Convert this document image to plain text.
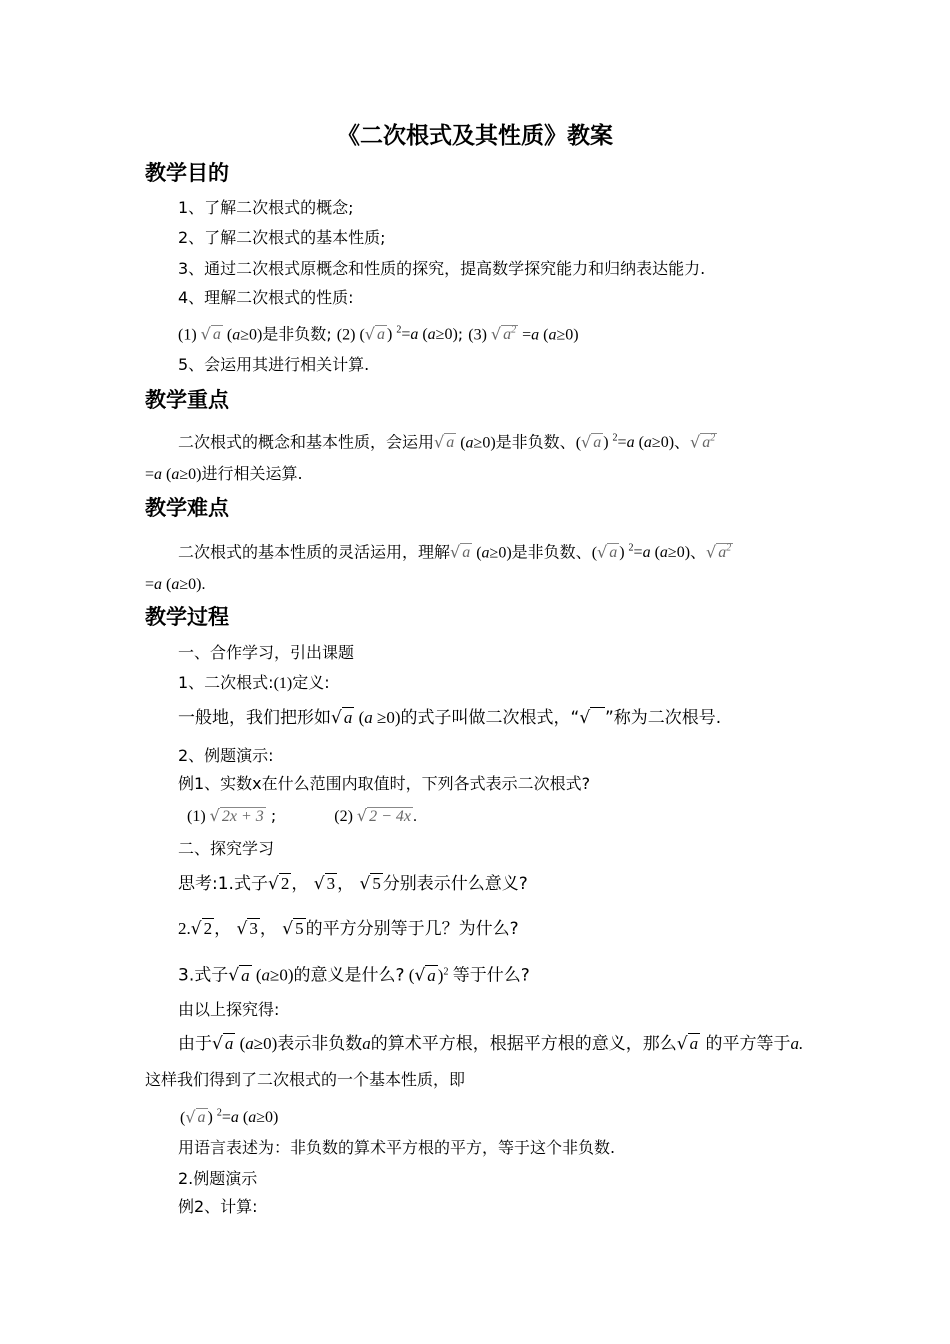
《二次根式及其性质》教案
教学目的
1、了解二次根式的概念;
2、了解二次根式的基本性质;
3、通过二次根式原概念和性质的探究，提高数学探究能力和归纳表达能力.
4、理解二次根式的性质:
(1) √ a (a≥0)是非负数; (2) (√ a ) $^2$=a (a≥0); (3) √ $a^2 =a$ (a≥0)
5、会运用其进行相关计算.
教学重点
二次根式的概念和基本性质，会运用√ a (a≥0)是非负数、(√ a ) $^2$=a (a≥0)、√ $a^2$
=a (a≥0)进行相关运算.
教学难点
二次根式的基本性质的灵活运用，理解√ a (a≥0)是非负数、(√ a ) $^2$=a (a≥0)、√ $a^2$
=a (a≥0).
教学过程
一、合作学习，引出课题
1、二次根式:(1)定义:
一般地，我们把形如√ a (a ≥0)的式子叫做二次根式，“√ ”称为二次根号.
2、例题演示:
例1、实数x在什么范围内取值时，下列各式表示二次根式?
(1) √ 2x + 3 ;	(2) √ 2 − 4x .
二、探究学习
思考:1.式子√ 2 ， √ 3 ， √ 5 分别表示什么意义?
2.√ 2 ， √ 3 ， √ 5 的平方分别等于几？为什么?
3.式子√ a (a≥0)的意义是什么? (√ a )$^2$ 等于什么?
由以上探究得:
由于√ a (a≥0)表示非负数a的算术平方根，根据平方根的意义，那么√ a 的平方等于a.
这样我们得到了二次根式的一个基本性质，即
(√ a ) $^2$=a (a≥0)
用语言表述为：非负数的算术平方根的平方，等于这个非负数.
2.例题演示
例2、计算:
